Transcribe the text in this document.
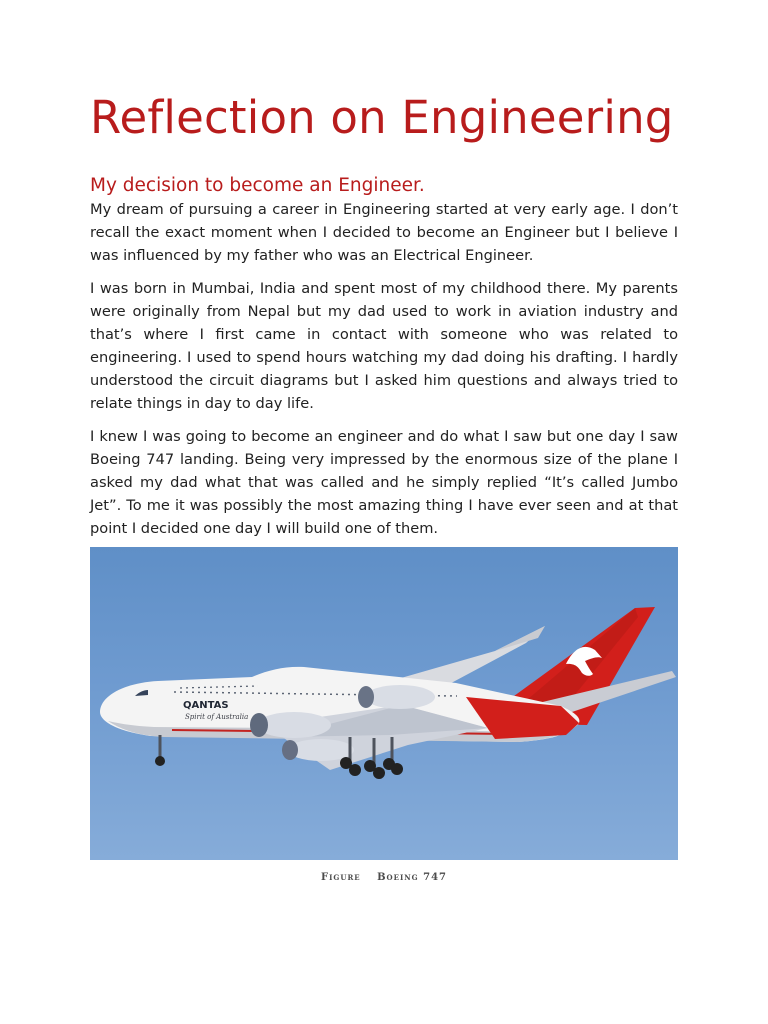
Reflection on Engineering
My decision to become an Engineer.

My dream of pursuing a career in Engineering started at very early age. I don’t recall the exact moment when I decided to become an Engineer but I believe I was influenced by my father who was an Electrical Engineer.

I was born in Mumbai, India and spent most of my childhood there. My parents were originally from Nepal but my dad used to work in aviation industry and that’s where I first came in contact with someone who was related to engineering. I used to spend hours watching my dad doing his drafting. I hardly understood the circuit diagrams but I asked him questions and always tried to relate things in day to day life.

I knew I was going to become an engineer and do what I saw but one day I saw Boeing 747 landing. Being very impressed by the enormous size of the plane I asked my dad what that was called and he simply replied “It’s called Jumbo Jet”. To me it was possibly the most amazing thing I have ever seen and at that point I decided one day I will build one of them.

QANTAS
Spirit of Australia
Figure Boeing 747
